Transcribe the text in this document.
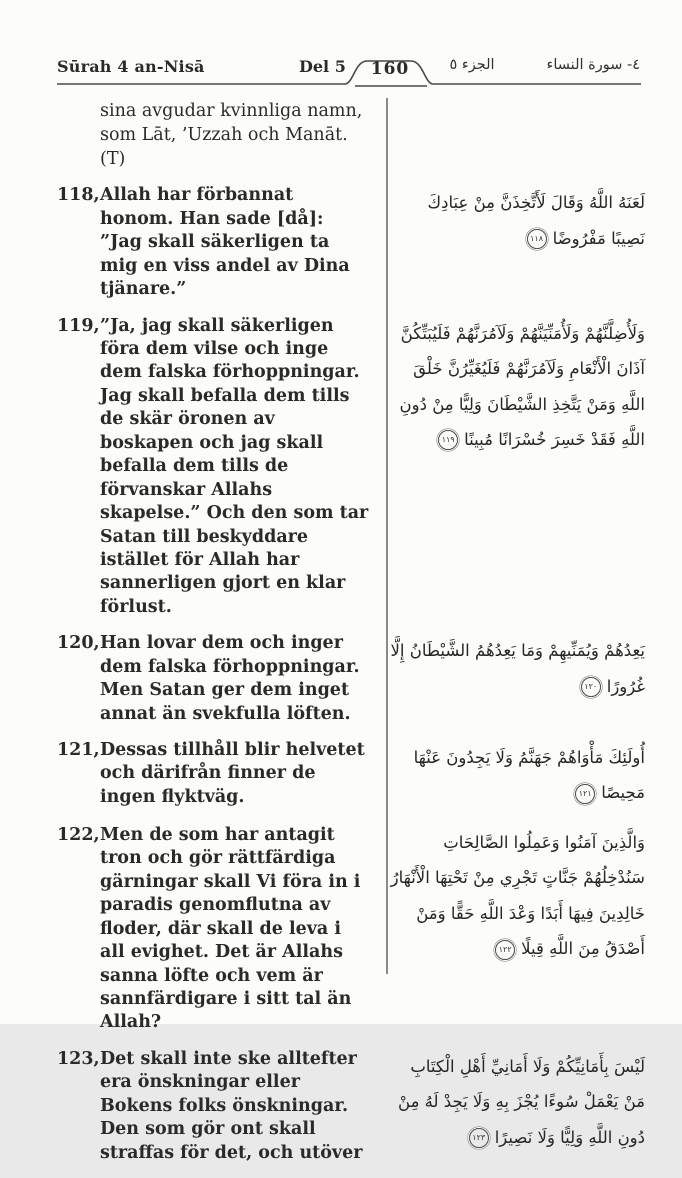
Sūrah 4 an-Nisā	Del 5	160	الجزء ٥	٤- سورة النساء
sina avgudar kvinnliga namn, som Lāt, ’Uzzah och Manāt. (T)
118, Allah har förbannat honom. Han sade [då]: ”Jag skall säkerligen ta mig en viss andel av Dina tjänare.”
لَعَنَهُ اللَّهُ وَقَالَ لَأَتَّخِذَنَّ مِنْ عِبَادِكَ نَصِيبًا مَفْرُوضًا
١١٨
119, ”Ja, jag skall säkerligen föra dem vilse och inge dem falska förhoppningar. Jag skall befalla dem tills de skär öronen av boskapen och jag skall befalla dem tills de förvanskar Allahs skapelse.” Och den som tar Satan till beskyddare istället för Allah har sannerligen gjort en klar förlust.
وَلَأُضِلَّنَّهُمْ وَلَأُمَنِّيَنَّهُمْ وَلَآمُرَنَّهُمْ فَلَيُبَتِّكُنَّ آذَانَ الْأَنْعَامِ وَلَآمُرَنَّهُمْ فَلَيُغَيِّرُنَّ خَلْقَ اللَّهِ وَمَنْ يَتَّخِذِ الشَّيْطَانَ وَلِيًّا مِنْ دُونِ اللَّهِ فَقَدْ خَسِرَ خُسْرَانًا مُبِينًا
١١٩
120, Han lovar dem och inger dem falska förhoppningar. Men Satan ger dem inget annat än svekfulla löften.
يَعِدُهُمْ وَيُمَنِّيهِمْ وَمَا يَعِدُهُمُ الشَّيْطَانُ إِلَّا غُرُورًا
١٢٠
121, Dessas tillhåll blir helvetet och därifrån finner de ingen flyktväg.
أُولَئِكَ مَأْوَاهُمْ جَهَنَّمُ وَلَا يَجِدُونَ عَنْهَا مَحِيصًا
١٢١
122, Men de som har antagit tron och gör rättfärdiga gärningar skall Vi föra in i paradis genomflutna av floder, där skall de leva i all evighet. Det är Allahs sanna löfte och vem är sannfärdigare i sitt tal än Allah?
وَالَّذِينَ آمَنُوا وَعَمِلُوا الصَّالِحَاتِ سَنُدْخِلُهُمْ جَنَّاتٍ تَجْرِي مِنْ تَحْتِهَا الْأَنْهَارُ خَالِدِينَ فِيهَا أَبَدًا وَعْدَ اللَّهِ حَقًّا وَمَنْ أَصْدَقُ مِنَ اللَّهِ قِيلًا
١٢٢
123, Det skall inte ske alltefter era önskningar eller Bokens folks önskningar. Den som gör ont skall straffas för det, och utöver
لَيْسَ بِأَمَانِيِّكُمْ وَلَا أَمَانِيِّ أَهْلِ الْكِتَابِ مَنْ يَعْمَلْ سُوءًا يُجْزَ بِهِ وَلَا يَجِدْ لَهُ مِنْ دُونِ اللَّهِ وَلِيًّا وَلَا نَصِيرًا
١٢٣
